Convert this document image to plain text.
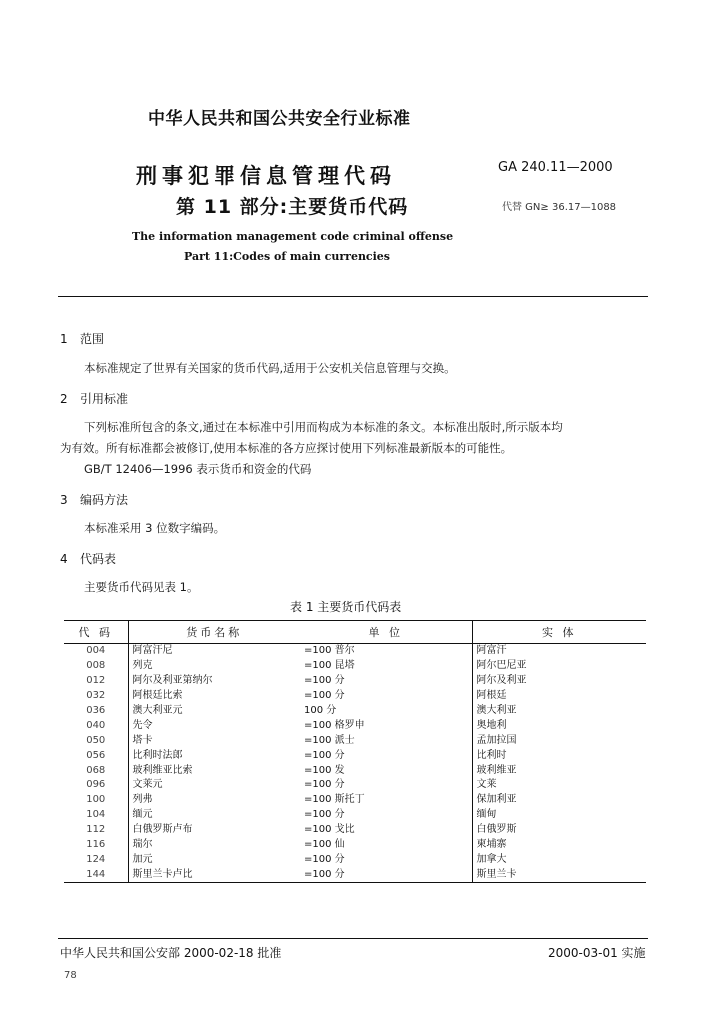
中华人民共和国公共安全行业标准
刑事犯罪信息管理代码
第 11 部分:主要货币代码
GA 240.11—2000
代替 GN≥ 36.17—1088
The information management code criminal offense
Part 11:Codes of main currencies
1 范围
本标准规定了世界有关国家的货币代码,适用于公安机关信息管理与交换。
2 引用标准
下列标准所包含的条文,通过在本标准中引用而构成为本标准的条文。本标准出版时,所示版本均
为有效。所有标准都会被修订,使用本标准的各方应探讨使用下列标准最新版本的可能性。
GB/T 12406—1996 表示货币和资金的代码
3 编码方法
本标准采用 3 位数字编码。
4 代码表
主要货币代码见表 1。
表 1 主要货币代码表
代 码	货币名称	单 位	实 体
004	阿富汗尼	=100 普尔	阿富汗
008	列克	=100 昆塔	阿尔巴尼亚
012	阿尔及利亚第纳尔	=100 分	阿尔及利亚
032	阿根廷比索	=100 分	阿根廷
036	澳大利亚元	100 分	澳大利亚
040	先令	=100 格罗申	奥地利
050	塔卡	=100 派士	孟加拉国
056	比利时法郎	=100 分	比利时
068	玻利维亚比索	=100 发	玻利维亚
096	文莱元	=100 分	文莱
100	列弗	=100 斯托丁	保加利亚
104	缅元	=100 分	缅甸
112	白俄罗斯卢布	=100 戈比	白俄罗斯
116	瑞尔	=100 仙	柬埔寨
124	加元	=100 分	加拿大
144	斯里兰卡卢比	=100 分	斯里兰卡
中华人民共和国公安部 2000-02-18 批准	2000-03-01 实施
78
